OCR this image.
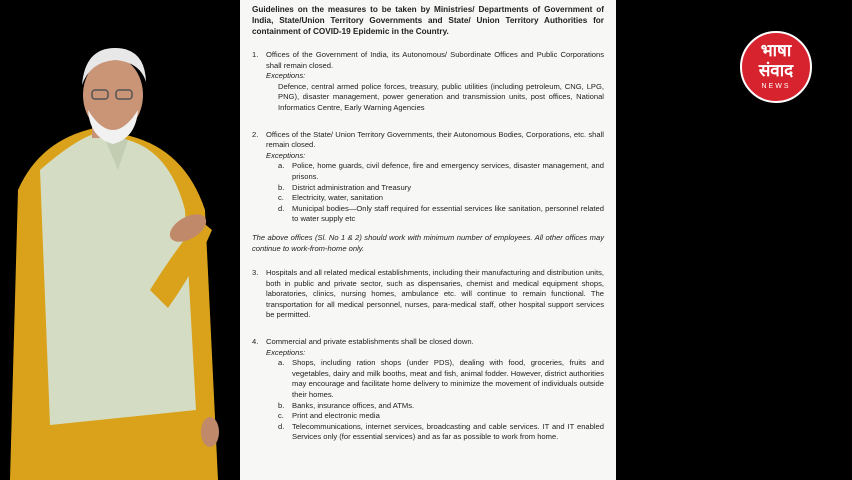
Guidelines on the measures to be taken by Ministries/ Departments of Government of India, State/Union Territory Governments and State/ Union Territory Authorities for containment of COVID-19 Epidemic in the Country.

1.	Offices of the Government of India, its Autonomous/ Subordinate Offices and Public Corporations shall remain closed.
Exceptions:
Defence, central armed police forces, treasury, public utilities (including petroleum, CNG, LPG, PNG), disaster management, power generation and transmission units, post offices, National Informatics Centre, Early Warning Agencies
2.	Offices of the State/ Union Territory Governments, their Autonomous Bodies, Corporations, etc. shall remain closed.
Exceptions:
a.	Police, home guards, civil defence, fire and emergency services, disaster management, and prisons.
b.	District administration and Treasury
c.	Electricity, water, sanitation
d.	Municipal bodies—Only staff required for essential services like sanitation, personnel related to water supply etc
The above offices (Sl. No 1 & 2) should work with minimum number of employees. All other offices may continue to work-from-home only.
3.	Hospitals and all related medical establishments, including their manufacturing and distribution units, both in public and private sector, such as dispensaries, chemist and medical equipment shops, laboratories, clinics, nursing homes, ambulance etc. will continue to remain functional. The transportation for all medical personnel, nurses, para-medical staff, other hospital support services be permitted.
4.	Commercial and private establishments shall be closed down.
Exceptions:
a.	Shops, including ration shops (under PDS), dealing with food, groceries, fruits and vegetables, dairy and milk booths, meat and fish, animal fodder. However, district authorities may encourage and facilitate home delivery to minimize the movement of individuals outside their homes.
b.	Banks, insurance offices, and ATMs.
c.	Print and electronic media
d.	Telecommunications, internet services, broadcasting and cable services. IT and IT enabled Services only (for essential services) and as far as possible to work from home.
भाषा
संवाद
NEWS
